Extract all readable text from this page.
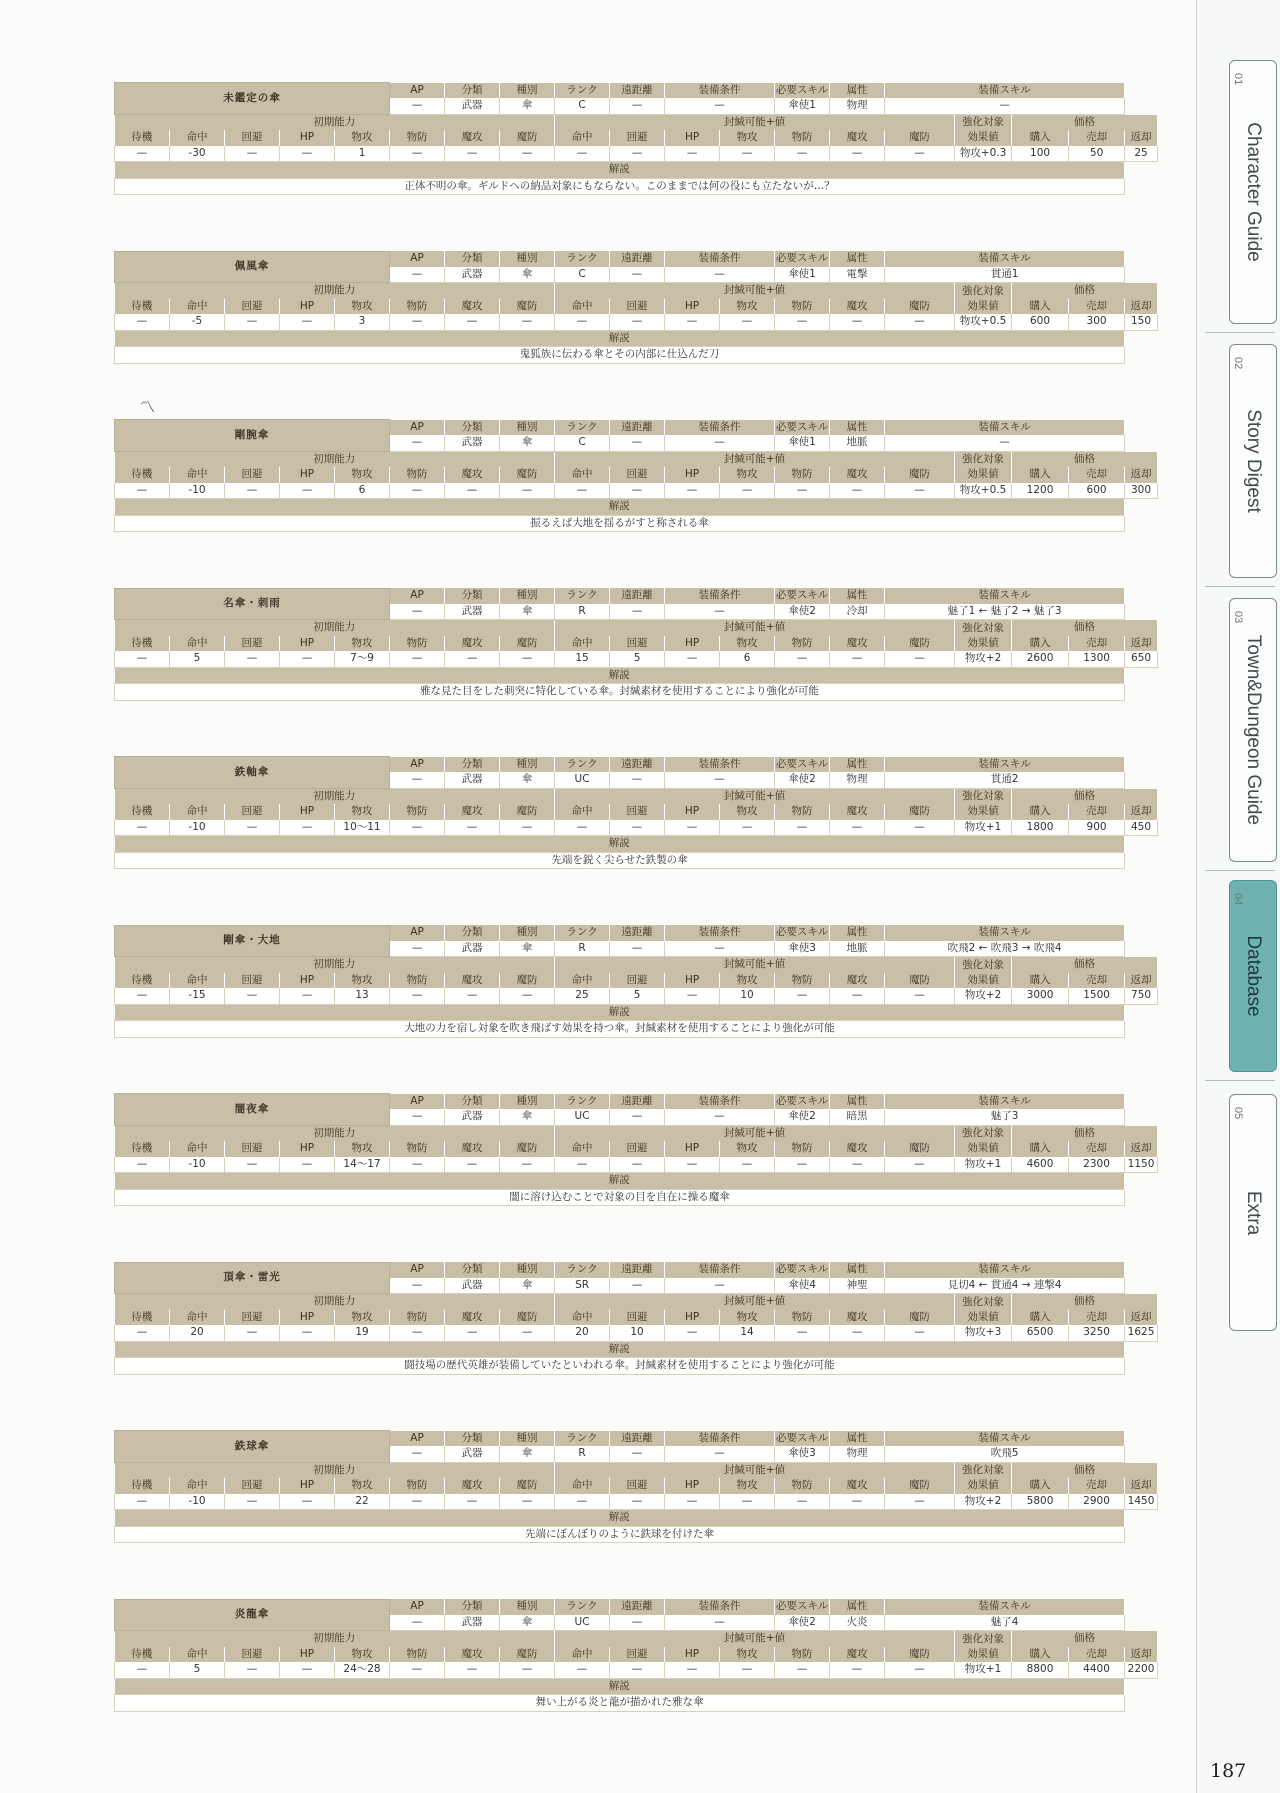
未鑑定の傘					AP	分類	種別	ランク	遠距離	装備条件		必要スキル	属性	装備スキル				
					—	武器	傘	C	—	—		傘使1	物理	—				
初期能力								封緘可能+値							強化対象
効果値	価格		
待機	命中	回避	HP	物攻	物防	魔攻	魔防	命中	回避	HP	物攻	物防	魔攻	魔防		購入	売却	返却
—	-30	—	—	1	—	—	—	—	—	—	—	—	—	—	物攻+0.3	100	50	25
解説																		
正体不明の傘。ギルドへの納品対象にもならない。このままでは何の役にも立たないが…？																		
佩風傘					AP	分類	種別	ランク	遠距離	装備条件		必要スキル	属性	装備スキル				
					—	武器	傘	C	—	—		傘使1	電撃	貫通1				
初期能力								封緘可能+値							強化対象
効果値	価格		
待機	命中	回避	HP	物攻	物防	魔攻	魔防	命中	回避	HP	物攻	物防	魔攻	魔防		購入	売却	返却
—	-5	—	—	3	—	—	—	—	—	—	—	—	—	—	物攻+0.5	600	300	150
解説																		
鬼狐族に伝わる傘とその内部に仕込んだ刀																		
剛腕傘					AP	分類	種別	ランク	遠距離	装備条件		必要スキル	属性	装備スキル				
					—	武器	傘	C	—	—		傘使1	地脈	—				
初期能力								封緘可能+値							強化対象
効果値	価格		
待機	命中	回避	HP	物攻	物防	魔攻	魔防	命中	回避	HP	物攻	物防	魔攻	魔防		購入	売却	返却
—	-10	—	—	6	—	—	—	—	—	—	—	—	—	—	物攻+0.5	1200	600	300
解説																		
振るえば大地を揺るがすと称される傘																		
名傘・刺雨					AP	分類	種別	ランク	遠距離	装備条件		必要スキル	属性	装備スキル				
					—	武器	傘	R	—	—		傘使2	冷却	魅了1 ← 魅了2 → 魅了3				
初期能力								封緘可能+値							強化対象
効果値	価格		
待機	命中	回避	HP	物攻	物防	魔攻	魔防	命中	回避	HP	物攻	物防	魔攻	魔防		購入	売却	返却
—	5	—	—	7～9	—	—	—	15	5	—	6	—	—	—	物攻+2	2600	1300	650
解説																		
雅な見た目をした刺突に特化している傘。封緘素材を使用することにより強化が可能																		
鉄軸傘					AP	分類	種別	ランク	遠距離	装備条件		必要スキル	属性	装備スキル				
					—	武器	傘	UC	—	—		傘使2	物理	貫通2				
初期能力								封緘可能+値							強化対象
効果値	価格		
待機	命中	回避	HP	物攻	物防	魔攻	魔防	命中	回避	HP	物攻	物防	魔攻	魔防		購入	売却	返却
—	-10	—	—	10～11	—	—	—	—	—	—	—	—	—	—	物攻+1	1800	900	450
解説																		
先端を鋭く尖らせた鉄製の傘																		
剛傘・大地					AP	分類	種別	ランク	遠距離	装備条件		必要スキル	属性	装備スキル				
					—	武器	傘	R	—	—		傘使3	地脈	吹飛2 ← 吹飛3 → 吹飛4				
初期能力								封緘可能+値							強化対象
効果値	価格		
待機	命中	回避	HP	物攻	物防	魔攻	魔防	命中	回避	HP	物攻	物防	魔攻	魔防		購入	売却	返却
—	-15	—	—	13	—	—	—	25	5	—	10	—	—	—	物攻+2	3000	1500	750
解説																		
大地の力を宿し対象を吹き飛ばす効果を持つ傘。封緘素材を使用することにより強化が可能																		
闇夜傘					AP	分類	種別	ランク	遠距離	装備条件		必要スキル	属性	装備スキル				
					—	武器	傘	UC	—	—		傘使2	暗黒	魅了3				
初期能力								封緘可能+値							強化対象
効果値	価格		
待機	命中	回避	HP	物攻	物防	魔攻	魔防	命中	回避	HP	物攻	物防	魔攻	魔防		購入	売却	返却
—	-10	—	—	14～17	—	—	—	—	—	—	—	—	—	—	物攻+1	4600	2300	1150
解説																		
闇に溶け込むことで対象の目を自在に操る魔傘																		
頂傘・雷光					AP	分類	種別	ランク	遠距離	装備条件		必要スキル	属性	装備スキル				
					—	武器	傘	SR	—	—		傘使4	神聖	見切4 ← 貫通4 → 連撃4				
初期能力								封緘可能+値							強化対象
効果値	価格		
待機	命中	回避	HP	物攻	物防	魔攻	魔防	命中	回避	HP	物攻	物防	魔攻	魔防		購入	売却	返却
—	20	—	—	19	—	—	—	20	10	—	14	—	—	—	物攻+3	6500	3250	1625
解説																		
闘技場の歴代英雄が装備していたといわれる傘。封緘素材を使用することにより強化が可能																		
鉄球傘					AP	分類	種別	ランク	遠距離	装備条件		必要スキル	属性	装備スキル				
					—	武器	傘	R	—	—		傘使3	物理	吹飛5				
初期能力								封緘可能+値							強化対象
効果値	価格		
待機	命中	回避	HP	物攻	物防	魔攻	魔防	命中	回避	HP	物攻	物防	魔攻	魔防		購入	売却	返却
—	-10	—	—	22	—	—	—	—	—	—	—	—	—	—	物攻+2	5800	2900	1450
解説																		
先端にぼんぼりのように鉄球を付けた傘																		
炎龍傘					AP	分類	種別	ランク	遠距離	装備条件		必要スキル	属性	装備スキル				
					—	武器	傘	UC	—	—		傘使2	火炎	魅了4				
初期能力								封緘可能+値							強化対象
効果値	価格		
待機	命中	回避	HP	物攻	物防	魔攻	魔防	命中	回避	HP	物攻	物防	魔攻	魔防		購入	売却	返却
—	5	—	—	24～28	—	—	—	—	—	—	—	—	—	—	物攻+1	8800	4400	2200
解説																		
舞い上がる炎と龍が描かれた雅な傘																		
〽
01
Character Guide
02
Story Digest
03
Town&Dungeon Guide
04
Database
05
Extra
187
